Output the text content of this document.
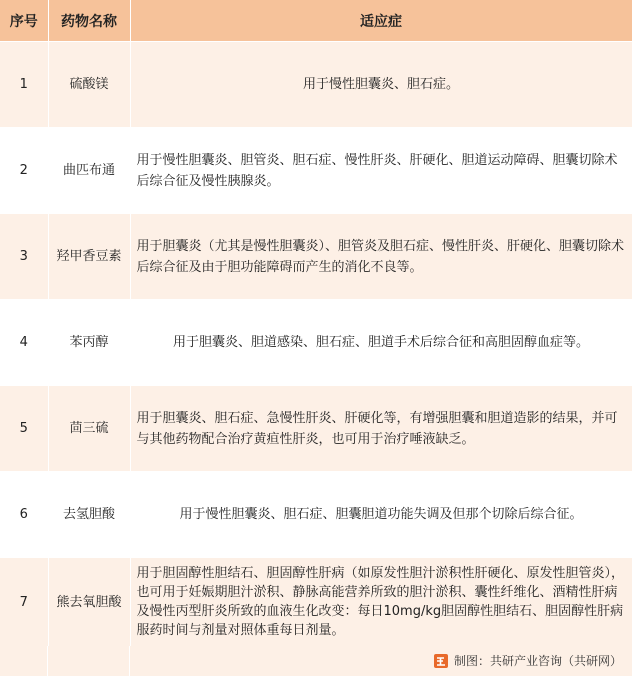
序号	药物名称	适应症
1	硫酸镁	用于慢性胆囊炎、胆石症。
2	曲匹布通	用于慢性胆囊炎、胆管炎、胆石症、慢性肝炎、肝硬化、胆道运动障碍、胆囊切除术后综合征及慢性胰腺炎。
3	羟甲香豆素	用于胆囊炎（尤其是慢性胆囊炎）、胆管炎及胆石症、慢性肝炎、肝硬化、胆囊切除术后综合征及由于胆功能障碍而产生的消化不良等。
4	苯丙醇	用于胆囊炎、胆道感染、胆石症、胆道手术后综合征和高胆固醇血症等。
5	茴三硫	用于胆囊炎、胆石症、急慢性肝炎、肝硬化等，有增强胆囊和胆道造影的结果，并可与其他药物配合治疗黄疸性肝炎，也可用于治疗唾液缺乏。
6	去氢胆酸	用于慢性胆囊炎、胆石症、胆囊胆道功能失调及但那个切除后综合征。
7	熊去氧胆酸	用于胆固醇性胆结石、胆固醇性肝病（如原发性胆汁淤积性肝硬化、原发性胆管炎），也可用于妊娠期胆汁淤积、静脉高能营养所致的胆汁淤积、囊性纤维化、酒精性肝病及慢性丙型肝炎所致的血液生化改变：每日10mg/kg胆固醇性胆结石、胆固醇性肝病服药时间与剂量对照体重每日剂量。
制图：共研产业咨询（共研网）
